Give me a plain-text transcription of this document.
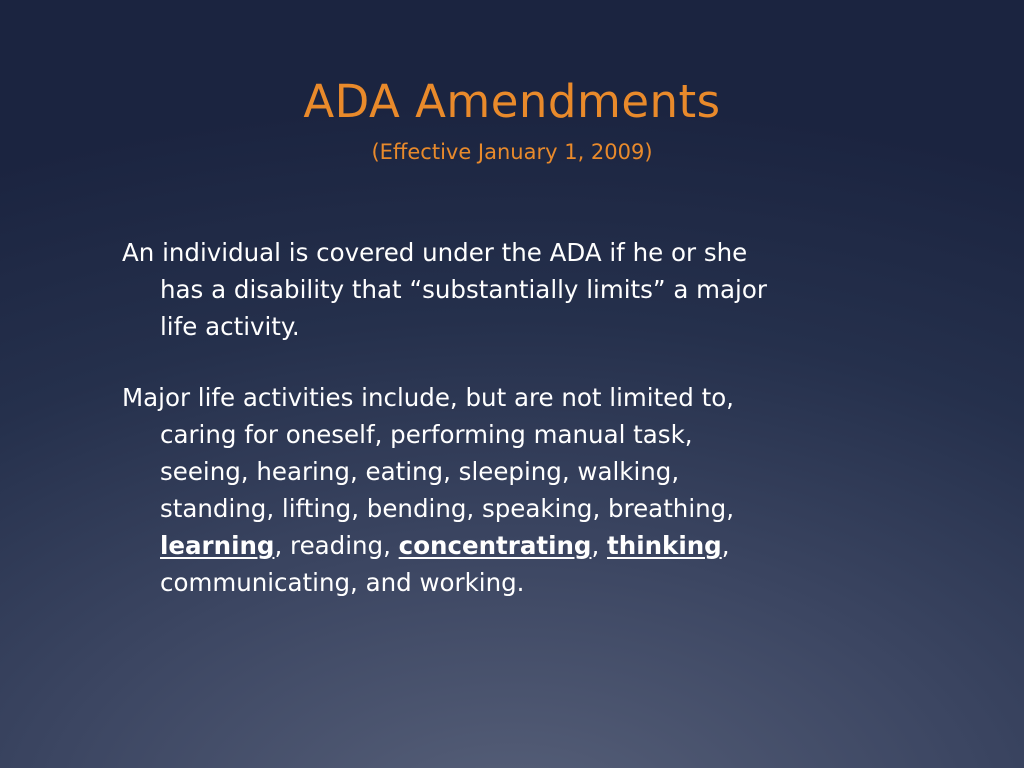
ADA Amendments
(Effective January 1, 2009)

An individual is covered under the ADA if he or she
has a disability that “substantially limits” a major
life activity.

Major life activities include, but are not limited to,
caring for oneself, performing manual task,
seeing, hearing, eating, sleeping, walking,
standing, lifting, bending, speaking, breathing,
learning, reading, concentrating, thinking,
communicating, and working.
